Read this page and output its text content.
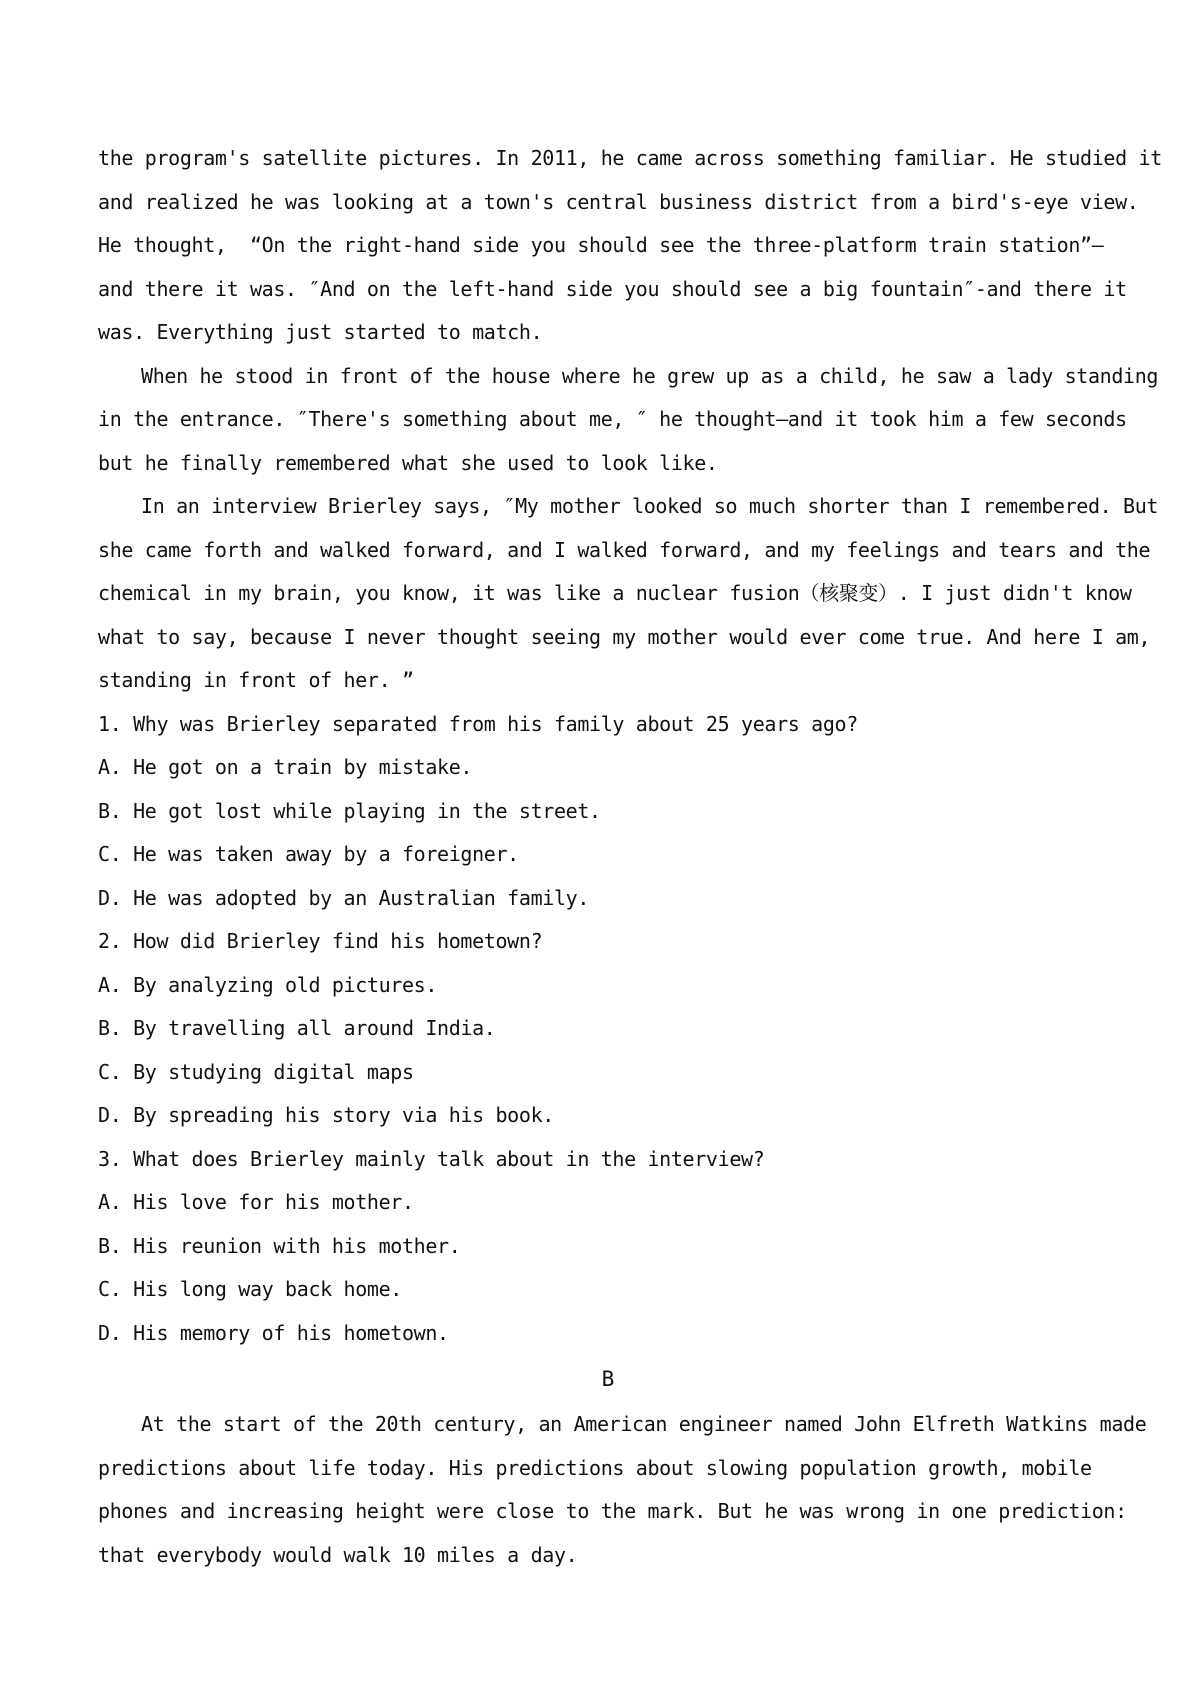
the program's satellite pictures. In 2011, he came across something familiar. He studied it
and realized he was looking at a town's central business district from a bird's-eye view.
He thought,  “On the right-hand side you should see the three-platform train station”—
and there it was. ″And on the left-hand side you should see a big fountain″-and there it
was. Everything just started to match.
When he stood in front of the house where he grew up as a child, he saw a lady standing
in the entrance. ″There's something about me, ″ he thought—and it took him a few seconds
but he finally remembered what she used to look like.
In an interview Brierley says, ″My mother looked so much shorter than I remembered. But
she came forth and walked forward, and I walked forward, and my feelings and tears and the
chemical in my brain, you know, it was like a nuclear fusion（核聚变）. I just didn't know
what to say, because I never thought seeing my mother would ever come true. And here I am,
standing in front of her. ”
1. Why was Brierley separated from his family about 25 years ago?
A. He got on a train by mistake.
B. He got lost while playing in the street.
C. He was taken away by a foreigner.
D. He was adopted by an Australian family.
2. How did Brierley find his hometown?
A. By analyzing old pictures.
B. By travelling all around India.
C. By studying digital maps
D. By spreading his story via his book.
3. What does Brierley mainly talk about in the interview?
A. His love for his mother.
B. His reunion with his mother.
C. His long way back home.
D. His memory of his hometown.
B
At the start of the 20th century, an American engineer named John Elfreth Watkins made
predictions about life today. His predictions about slowing population growth, mobile
phones and increasing height were close to the mark. But he was wrong in one prediction:
that everybody would walk 10 miles a day.
